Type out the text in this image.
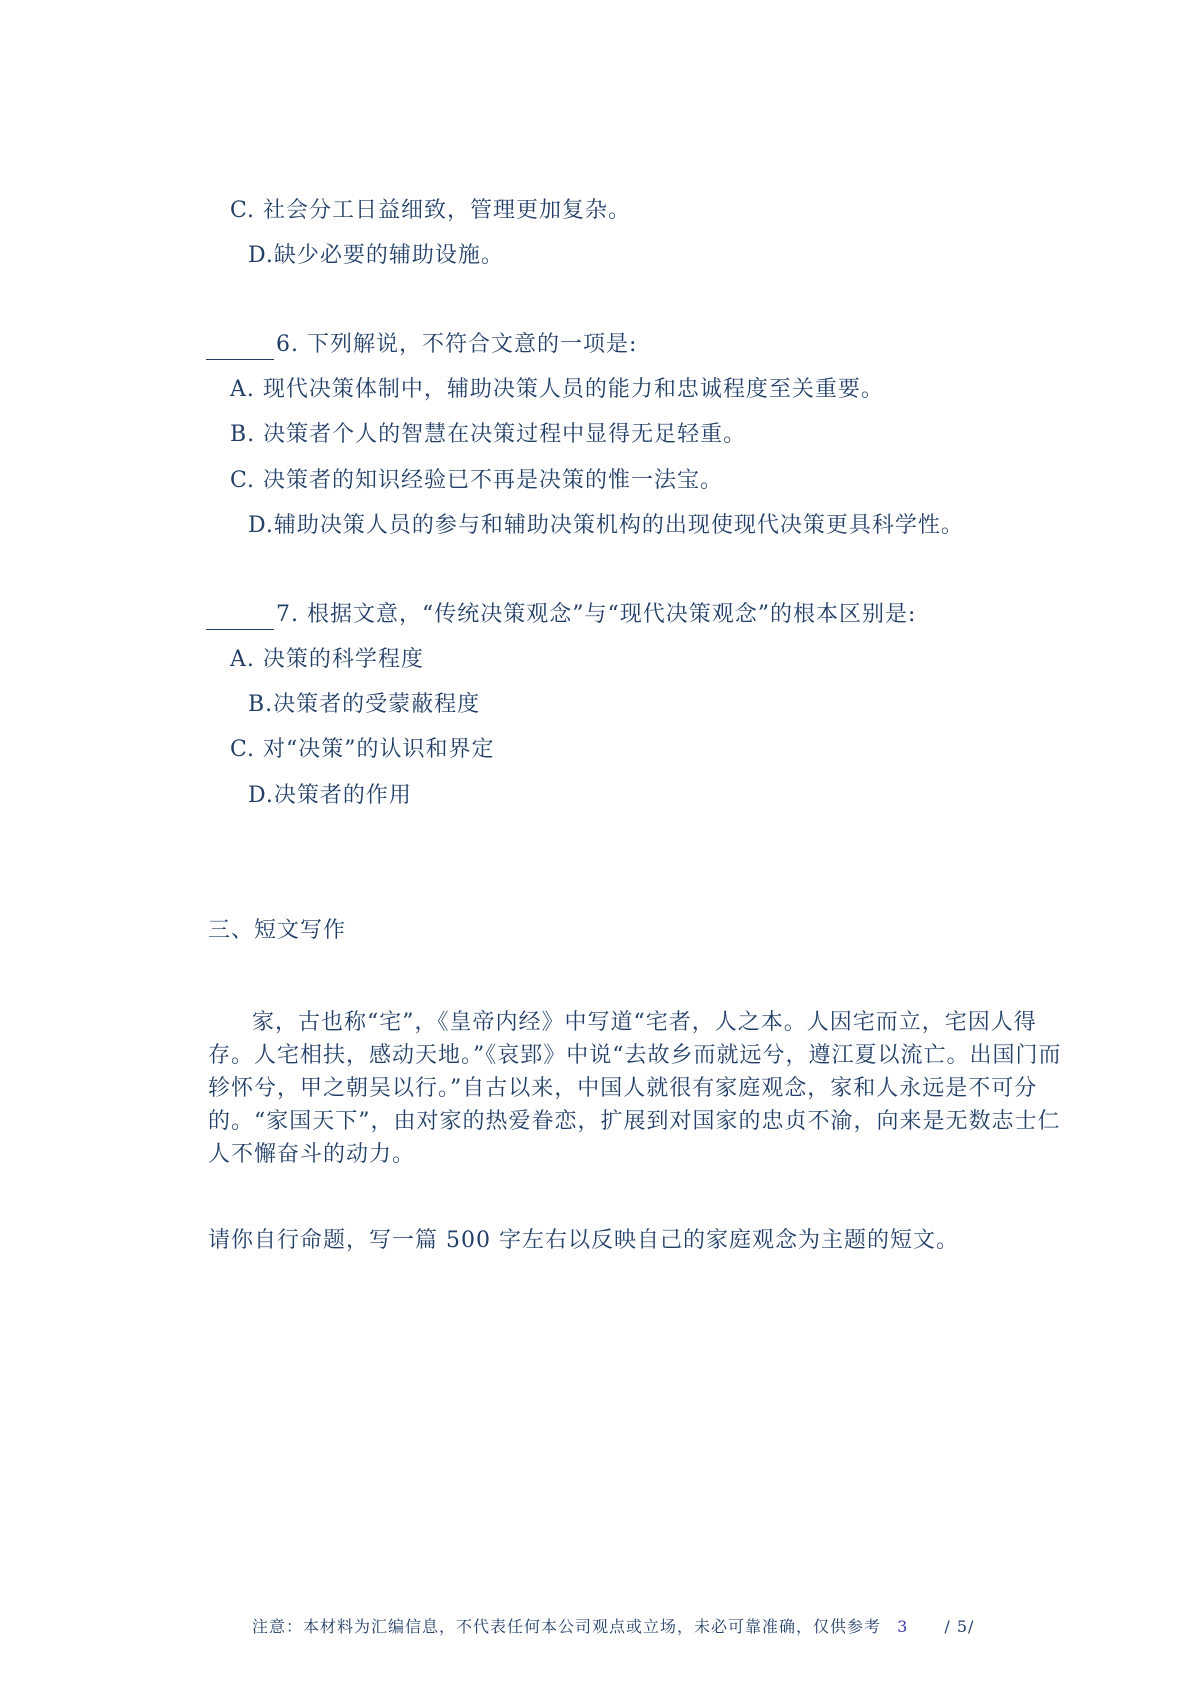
C. 社会分工日益细致，管理更加复杂。
D.缺少必要的辅助设施。
6. 下列解说，不符合文意的一项是:
A. 现代决策体制中，辅助决策人员的能力和忠诚程度至关重要。
B. 决策者个人的智慧在决策过程中显得无足轻重。
C. 决策者的知识经验已不再是决策的惟一法宝。
D.辅助决策人员的参与和辅助决策机构的出现使现代决策更具科学性。
7. 根据文意，“传统决策观念”与“现代决策观念”的根本区别是:
A. 决策的科学程度
B.决策者的受蒙蔽程度
C. 对“决策”的认识和界定
D.决策者的作用
三、短文写作
家，古也称“宅”，《皇帝内经》中写道“宅者，人之本。人因宅而立，宅因人得存。人宅相扶，感动天地。”《哀郢》中说“去故乡而就远兮，遵江夏以流亡。出国门而轸怀兮，甲之朝吴以行。”自古以来，中国人就很有家庭观念，家和人永远是不可分的。“家国天下”，由对家的热爱眷恋，扩展到对国家的忠贞不渝，向来是无数志士仁人不懈奋斗的动力。
请你自行命题，写一篇 500 字左右以反映自己的家庭观念为主题的短文。
注意：本材料为汇编信息，不代表任何本公司观点或立场，未必可靠准确，仅供参考 3 / 5/
